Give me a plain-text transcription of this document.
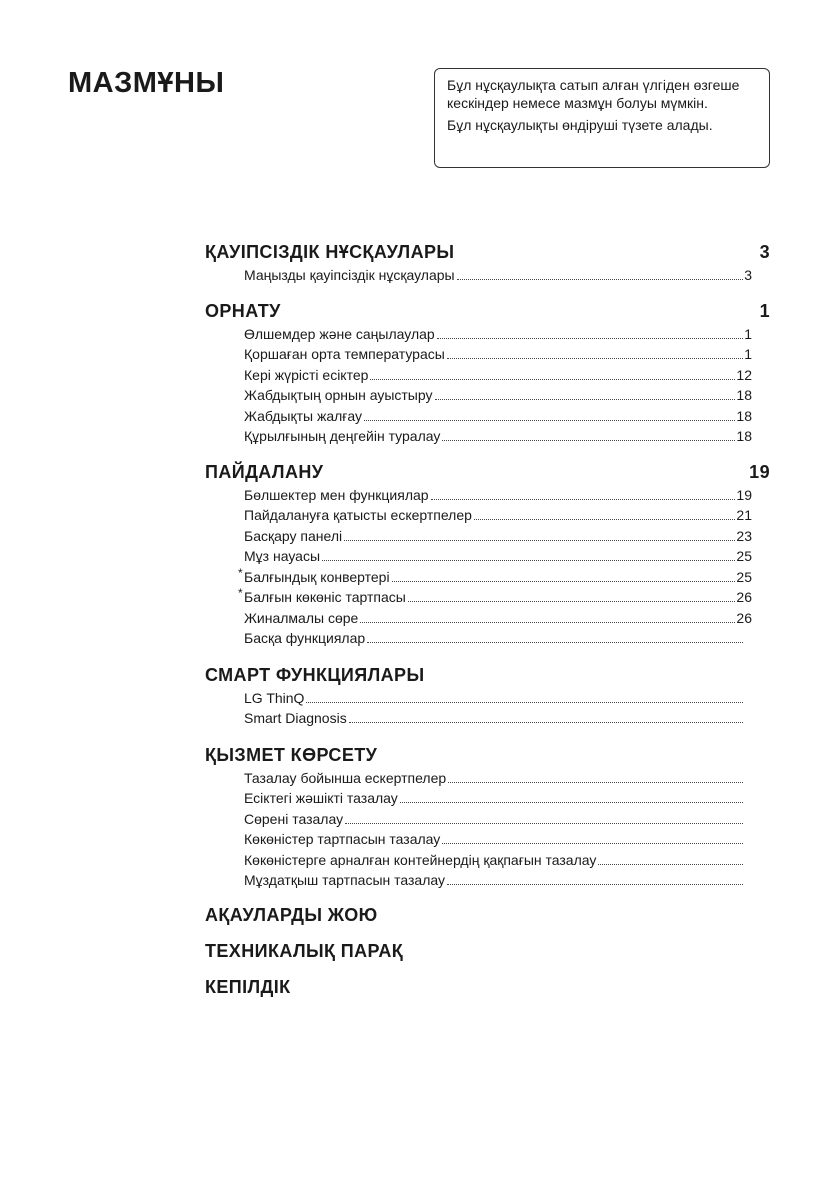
МАЗМҰНЫ	Бұл нұсқаулықта сатып алған үлгіден өзгеше кескіндер немесе мазмұн болуы мүмкін.

Бұл нұсқаулықты өндіруші түзете алады.

ҚАУІПСІЗДІК НҰСҚАУЛАРЫ	3
Маңызды қауіпсіздік нұсқаулары	3
ОРНАТУ	1
Өлшемдер және саңылаулар	1
Қоршаған орта температурасы	1
Кері жүрісті есіктер	12
Жабдықтың орнын ауыстыру	18
Жабдықты жалғау	18
Құрылғының деңгейін туралау	18
ПАЙДАЛАНУ	19
Бөлшектер мен функциялар	19
Пайдалануға қатысты ескертпелер	21
Басқару панелі	23
Мұз науасы	25
* Балғындық конвертері	25
* Балғын көкөніс тартпасы	26
Жиналмалы сөре	26
Басқа функциялар
СМАРТ ФУНКЦИЯЛАРЫ
LG ThinQ
Smart Diagnosis
ҚЫЗМЕТ КӨРСЕТУ
Тазалау бойынша ескертпелер
Есіктегі жәшікті тазалау
Сөрені тазалау
Көкөністер тартпасын тазалау
Көкөністерге арналған контейнердің қақпағын тазалау
Мұздатқыш тартпасын тазалау
АҚАУЛАРДЫ ЖОЮ
ТЕХНИКАЛЫҚ ПАРАҚ
КЕПІЛДІК
